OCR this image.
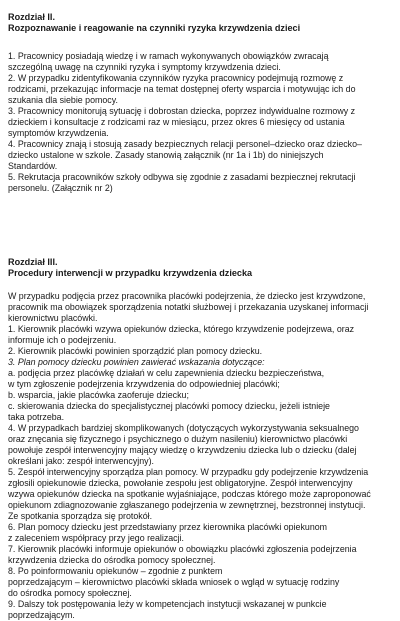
Rozdział II.
Rozpoznawanie i reagowanie na czynniki ryzyka krzywdzenia dzieci
1. Pracownicy posiadają wiedzę i w ramach wykonywanych obowiązków zwracają
szczególną uwagę na czynniki ryzyka i symptomy krzywdzenia dzieci.
2. W przypadku zidentyfikowania czynników ryzyka pracownicy podejmują rozmowę z
rodzicami, przekazując informacje na temat dostępnej oferty wsparcia i motywując ich do
szukania dla siebie pomocy.
3. Pracownicy monitorują sytuację i dobrostan dziecka, poprzez indywidualne rozmowy z
dzieckiem i konsultacje z rodzicami raz w miesiącu, przez okres 6 miesięcy od ustania
symptomów krzywdzenia.
4. Pracownicy znają i stosują zasady bezpiecznych relacji personel–dziecko oraz dziecko–
dziecko ustalone w szkole. Zasady stanowią załącznik (nr 1a i 1b) do niniejszych
Standardów.
5. Rekrutacja pracowników szkoły odbywa się zgodnie z zasadami bezpiecznej rekrutacji
personelu. (Załącznik nr 2)
Rozdział III.
Procedury interwencji w przypadku krzywdzenia dziecka
W przypadku podjęcia przez pracownika placówki podejrzenia, że dziecko jest krzywdzone,
pracownik ma obowiązek sporządzenia notatki służbowej i przekazania uzyskanej informacji
kierownictwu placówki.
1. Kierownik placówki wzywa opiekunów dziecka, którego krzywdzenie podejrzewa, oraz
informuje ich o podejrzeniu.
2. Kierownik placówki powinien sporządzić plan pomocy dziecku.
3. Plan pomocy dziecku powinien zawierać wskazania dotyczące:
a. podjęcia przez placówkę działań w celu zapewnienia dziecku bezpieczeństwa,
w tym zgłoszenie podejrzenia krzywdzenia do odpowiedniej placówki;
b. wsparcia, jakie placówka zaoferuje dziecku;
c. skierowania dziecka do specjalistycznej placówki pomocy dziecku, jeżeli istnieje
taka potrzeba.
4. W przypadkach bardziej skomplikowanych (dotyczących wykorzystywania seksualnego
oraz znęcania się fizycznego i psychicznego o dużym nasileniu) kierownictwo placówki
powołuje zespół interwencyjny mający wiedzę o krzywdzeniu dziecka lub o dziecku (dalej
określani jako: zespół interwencyjny).
5. Zespół interwencyjny sporządza plan pomocy. W przypadku gdy podejrzenie krzywdzenia
zgłosili opiekunowie dziecka, powołanie zespołu jest obligatoryjne. Zespół interwencyjny
wzywa opiekunów dziecka na spotkanie wyjaśniające, podczas którego może zaproponować
opiekunom zdiagnozowanie zgłaszanego podejrzenia w zewnętrznej, bezstronnej instytucji.
Ze spotkania sporządza się protokół.
6. Plan pomocy dziecku jest przedstawiany przez kierownika placówki opiekunom
z zaleceniem współpracy przy jego realizacji.
7. Kierownik placówki informuje opiekunów o obowiązku placówki zgłoszenia podejrzenia
krzywdzenia dziecka do ośrodka pomocy społecznej.
8. Po poinformowaniu opiekunów – zgodnie z punktem
poprzedzającym – kierownictwo placówki składa wniosek o wgląd w sytuację rodziny
do ośrodka pomocy społecznej.
9. Dalszy tok postępowania leży w kompetencjach instytucji wskazanej w punkcie
poprzedzającym.
